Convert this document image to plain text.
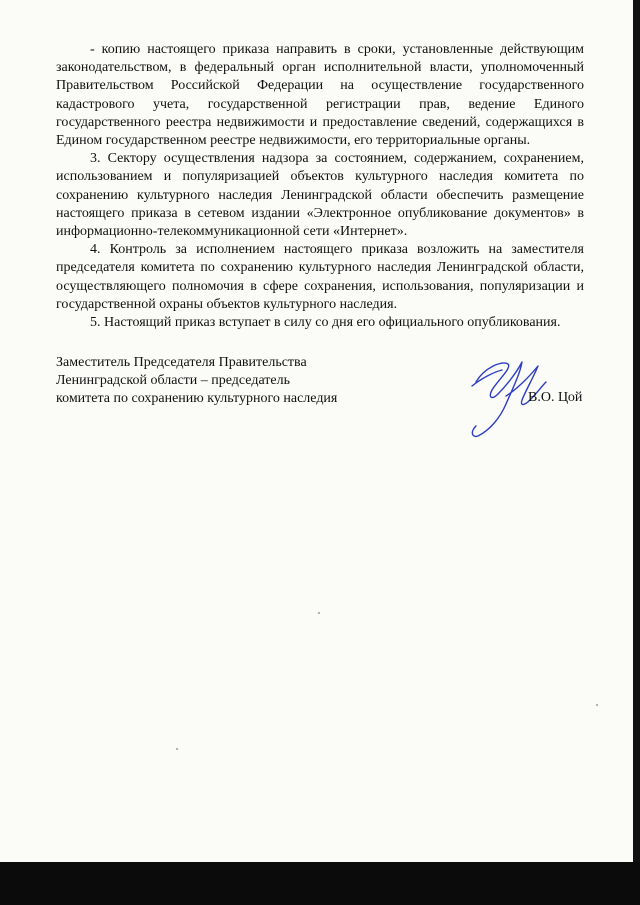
- копию настоящего приказа направить в сроки, установленные действующим законодательством, в федеральный орган исполнительной власти, уполномоченный Правительством Российской Федерации на осуществление государственного кадастрового учета, государственной регистрации прав, ведение Единого государственного реестра недвижимости и предоставление сведений, содержащихся в Едином государственном реестре недвижимости, его территориальные органы.

3. Сектору осуществления надзора за состоянием, содержанием, сохранением, использованием и популяризацией объектов культурного наследия комитета по сохранению культурного наследия Ленинградской области обеспечить размещение настоящего приказа в сетевом издании «Электронное опубликование документов» в информационно-телекоммуникационной сети «Интернет».

4. Контроль за исполнением настоящего приказа возложить на заместителя председателя комитета по сохранению культурного наследия Ленинградской области, осуществляющего полномочия в сфере сохранения, использования, популяризации и государственной охраны объектов культурного наследия.

5. Настоящий приказ вступает в силу со дня его официального опубликования.

Заместитель Председателя Правительства
Ленинградской области – председатель
комитета по сохранению культурного наследия	В.О. Цой
